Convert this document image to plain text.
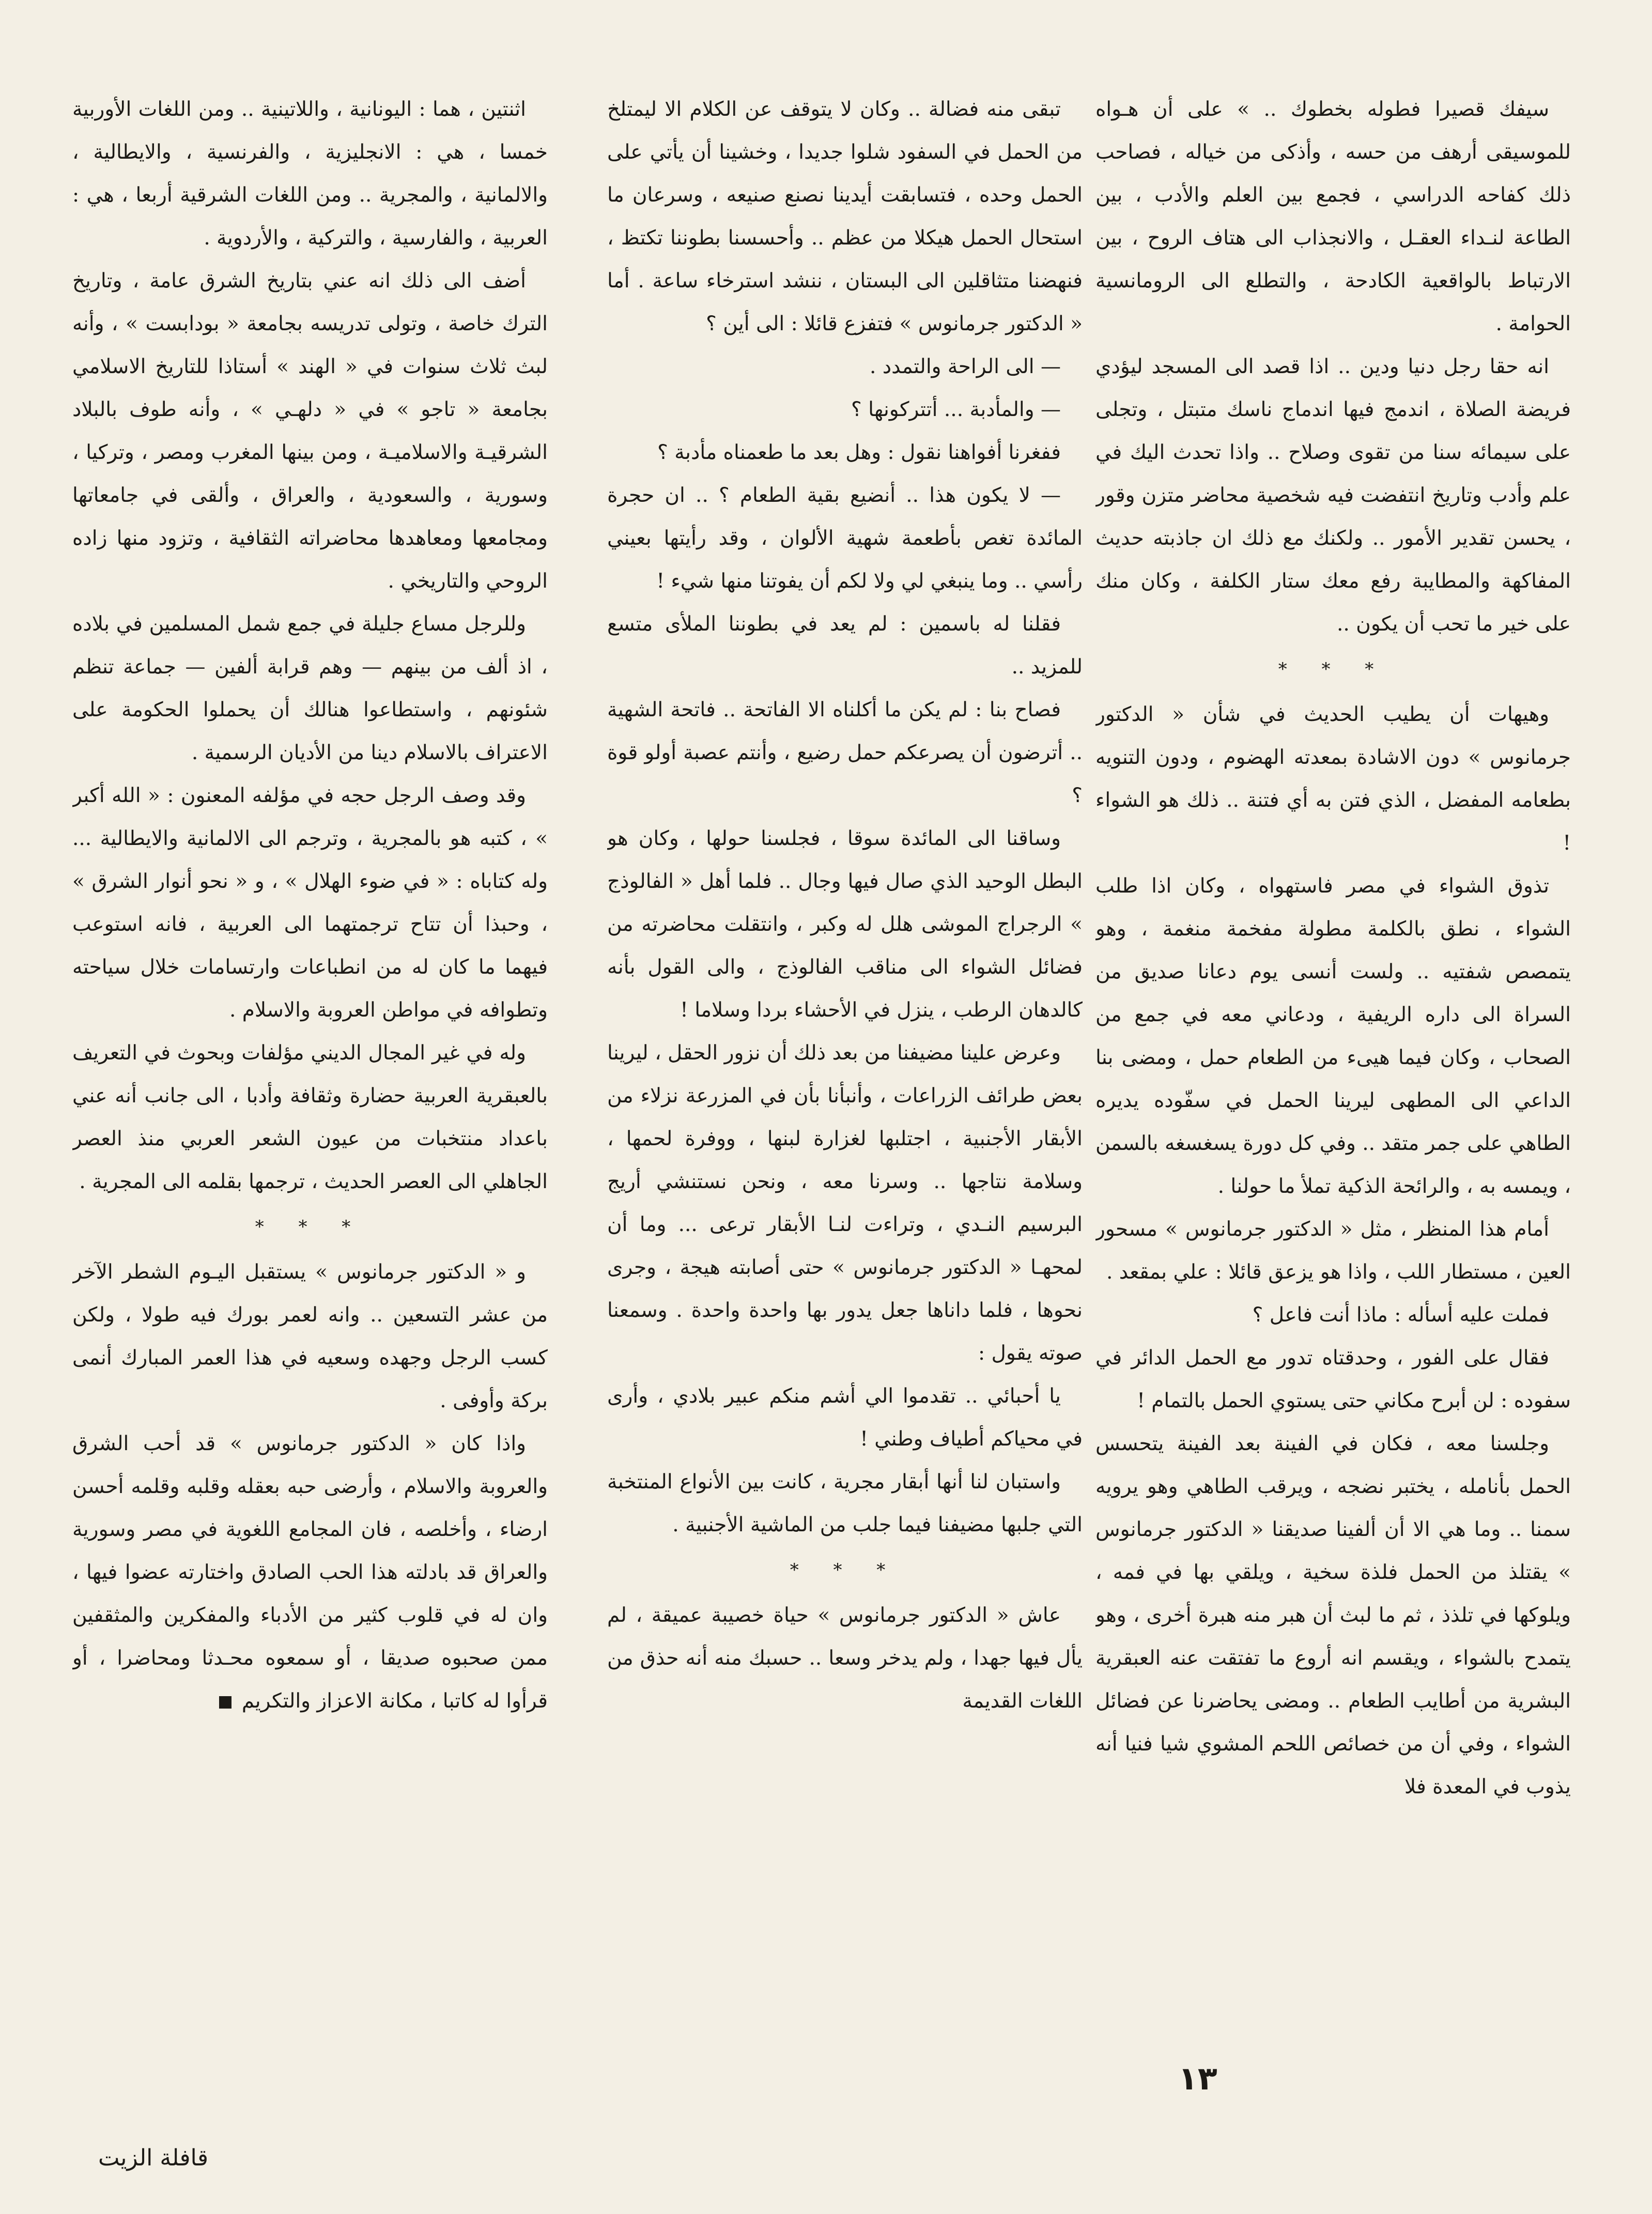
سيفك قصيرا فطوله بخطوك .. » على أن هـواه للموسيقى أرهف من حسه ، وأذكى من خياله ، فصاحب ذلك كفاحه الدراسي ، فجمع بين العلم والأدب ، بين الطاعة لنـداء العقـل ، والانجذاب الى هتاف الروح ، بين الارتباط بالواقعية الكادحة ، والتطلع الى الرومانسية الحوامة .

انه حقا رجل دنيا ودين .. اذا قصد الى المسجد ليؤدي فريضة الصلاة ، اندمج فيها اندماج ناسك متبتل ، وتجلى على سيمائه سنا من تقوى وصلاح .. واذا تحدث اليك في علم وأدب وتاريخ انتفضت فيه شخصية محاضر متزن وقور ، يحسن تقدير الأمور .. ولكنك مع ذلك ان جاذبته حديث المفاكهة والمطايبة رفع معك ستار الكلفة ، وكان منك على خير ما تحب أن يكون ..

* * *

وهيهات أن يطيب الحديث في شأن « الدكتور جرمانوس » دون الاشادة بمعدته الهضوم ، ودون التنويه بطعامه المفضل ، الذي فتن به أي فتنة .. ذلك هو الشواء !

تذوق الشواء في مصر فاستهواه ، وكان اذا طلب الشواء ، نطق بالكلمة مطولة مفخمة منغمة ، وهو يتمصص شفتيه .. ولست أنسى يوم دعانا صديق من السراة الى داره الريفية ، ودعاني معه في جمع من الصحاب ، وكان فيما هيىء من الطعام حمل ، ومضى بنا الداعي الى المطهى ليرينا الحمل في سفّوده يديره الطاهي على جمر متقد .. وفي كل دورة يسغسغه بالسمن ، ويمسه به ، والرائحة الذكية تملأ ما حولنا .

أمام هذا المنظر ، مثل « الدكتور جرمانوس » مسحور العين ، مستطار اللب ، واذا هو يزعق قائلا : علي بمقعد .

فملت عليه أسأله : ماذا أنت فاعل ؟

فقال على الفور ، وحدقتاه تدور مع الحمل الدائر في سفوده : لن أبرح مكاني حتى يستوي الحمل بالتمام !

وجلسنا معه ، فكان في الفينة بعد الفينة يتحسس الحمل بأنامله ، يختبر نضجه ، ويرقب الطاهي وهو يرويه سمنا .. وما هي الا أن ألفينا صديقنا « الدكتور جرمانوس » يقتلذ من الحمل فلذة سخية ، ويلقي بها في فمه ، ويلوكها في تلذذ ، ثم ما لبث أن هبر منه هبرة أخرى ، وهو يتمدح بالشواء ، ويقسم انه أروع ما تفتقت عنه العبقرية البشرية من أطايب الطعام .. ومضى يحاضرنا عن فضائل الشواء ، وفي أن من خصائص اللحم المشوي شيا فنيا أنه يذوب في المعدة فلا

تبقى منه فضالة .. وكان لا يتوقف عن الكلام الا ليمتلخ من الحمل في السفود شلوا جديدا ، وخشينا أن يأتي على الحمل وحده ، فتسابقت أيدينا نصنع صنيعه ، وسرعان ما استحال الحمل هيكلا من عظم .. وأحسسنا بطوننا تكتظ ، فنهضنا متثاقلين الى البستان ، ننشد استرخاء ساعة . أما « الدكتور جرمانوس » فتفزع قائلا : الى أين ؟

— الى الراحة والتمدد .

— والمأدبة ... أتتركونها ؟

ففغرنا أفواهنا نقول : وهل بعد ما طعمناه مأدبة ؟

— لا يكون هذا .. أنضيع بقية الطعام ؟ .. ان حجرة المائدة تغص بأطعمة شهية الألوان ، وقد رأيتها بعيني رأسي .. وما ينبغي لي ولا لكم أن يفوتنا منها شيء !

فقلنا له باسمين : لم يعد في بطوننا الملأى متسع للمزيد ..

فصاح بنا : لم يكن ما أكلناه الا الفاتحة .. فاتحة الشهية .. أترضون أن يصرعكم حمل رضيع ، وأنتم عصبة أولو قوة ؟

وساقنا الى المائدة سوقا ، فجلسنا حولها ، وكان هو البطل الوحيد الذي صال فيها وجال .. فلما أهل « الفالوذج » الرجراج الموشى هلل له وكبر ، وانتقلت محاضرته من فضائل الشواء الى مناقب الفالوذج ، والى القول بأنه كالدهان الرطب ، ينزل في الأحشاء بردا وسلاما !

وعرض علينا مضيفنا من بعد ذلك أن نزور الحقل ، ليرينا بعض طرائف الزراعات ، وأنبأنا بأن في المزرعة نزلاء من الأبقار الأجنبية ، اجتلبها لغزارة لبنها ، ووفرة لحمها ، وسلامة نتاجها .. وسرنا معه ، ونحن نستنشي أريج البرسيم النـدي ، وتراءت لنـا الأبقار ترعى ... وما أن لمحهـا « الدكتور جرمانوس » حتى أصابته هيجة ، وجرى نحوها ، فلما داناها جعل يدور بها واحدة واحدة . وسمعنا صوته يقول :

يا أحبائي .. تقدموا الي أشم منكم عبير بلادي ، وأرى في محياكم أطياف وطني !

واستبان لنا أنها أبقار مجرية ، كانت بين الأنواع المنتخبة التي جلبها مضيفنا فيما جلب من الماشية الأجنبية .

* * *

عاش « الدكتور جرمانوس » حياة خصيبة عميقة ، لم يأل فيها جهدا ، ولم يدخر وسعا .. حسبك منه أنه حذق من اللغات القديمة

اثنتين ، هما : اليونانية ، واللاتينية .. ومن اللغات الأوربية خمسا ، هي : الانجليزية ، والفرنسية ، والايطالية ، والالمانية ، والمجرية .. ومن اللغات الشرقية أربعا ، هي : العربية ، والفارسية ، والتركية ، والأردوية .

أضف الى ذلك انه عني بتاريخ الشرق عامة ، وتاريخ الترك خاصة ، وتولى تدريسه بجامعة « بودابست » ، وأنه لبث ثلاث سنوات في « الهند » أستاذا للتاريخ الاسلامي بجامعة « تاجو » في « دلهـي » ، وأنه طوف بالبلاد الشرقيـة والاسلاميـة ، ومن بينها المغرب ومصر ، وتركيا ، وسورية ، والسعودية ، والعراق ، وألقى في جامعاتها ومجامعها ومعاهدها محاضراته الثقافية ، وتزود منها زاده الروحي والتاريخي .

وللرجل مساع جليلة في جمع شمل المسلمين في بلاده ، اذ ألف من بينهم — وهم قرابة ألفين — جماعة تنظم شئونهم ، واستطاعوا هنالك أن يحملوا الحكومة على الاعتراف بالاسلام دينا من الأديان الرسمية .

وقد وصف الرجل حجه في مؤلفه المعنون : « الله أكبر » ، كتبه هو بالمجرية ، وترجم الى الالمانية والايطالية ... وله كتاباه : « في ضوء الهلال » ، و « نحو أنوار الشرق » ، وحبذا أن تتاح ترجمتهما الى العربية ، فانه استوعب فيهما ما كان له من انطباعات وارتسامات خلال سياحته وتطوافه في مواطن العروبة والاسلام .

وله في غير المجال الديني مؤلفات وبحوث في التعريف بالعبقرية العربية حضارة وثقافة وأدبا ، الى جانب أنه عني باعداد منتخبات من عيون الشعر العربي منذ العصر الجاهلي الى العصر الحديث ، ترجمها بقلمه الى المجرية .

* * *

و « الدكتور جرمانوس » يستقبل اليـوم الشطر الآخر من عشر التسعين .. وانه لعمر بورك فيه طولا ، ولكن كسب الرجل وجهده وسعيه في هذا العمر المبارك أنمى بركة وأوفى .

واذا كان « الدكتور جرمانوس » قد أحب الشرق والعروبة والاسلام ، وأرضى حبه بعقله وقلبه وقلمه أحسن ارضاء ، وأخلصه ، فان المجامع اللغوية في مصر وسورية والعراق قد بادلته هذا الحب الصادق واختارته عضوا فيها ، وان له في قلوب كثير من الأدباء والمفكرين والمثقفين ممن صحبوه صديقا ، أو سمعوه محـدثا ومحاضرا ، أو قرأوا له كاتبا ، مكانة الاعزاز والتكريم

١٣
قافلة الزيت
